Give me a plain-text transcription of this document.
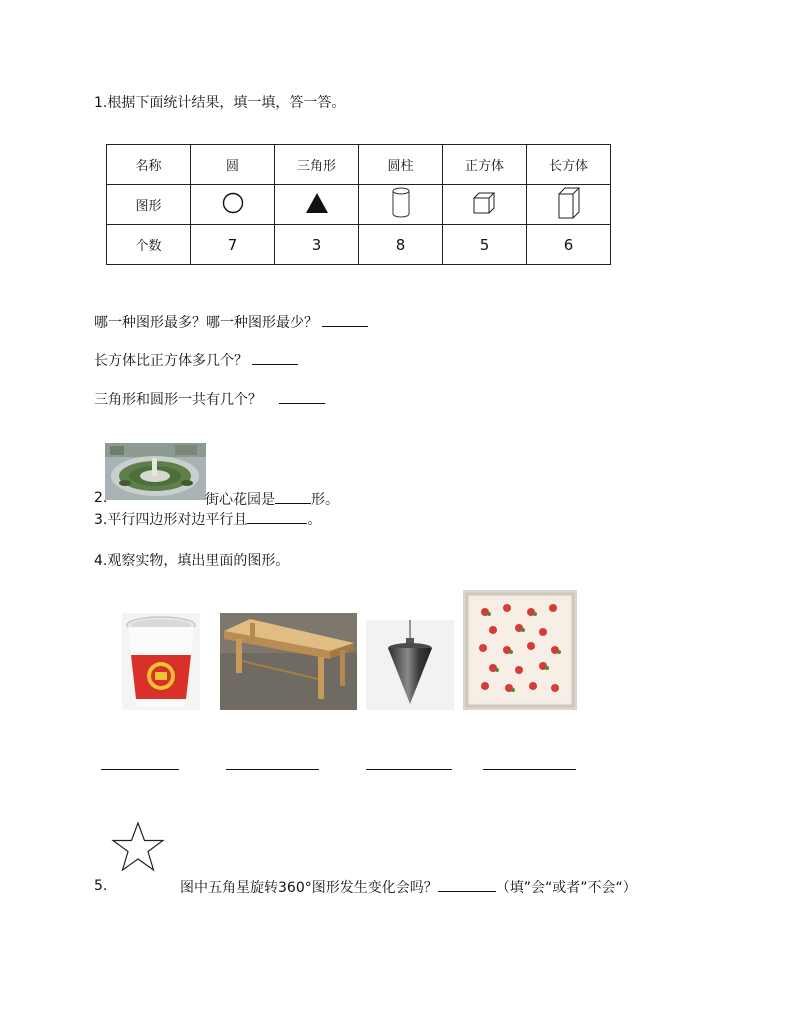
1.根据下面统计结果，填一填，答一答。
名称	圆	三角形	圆柱	正方体	长方体
图形					
个数	7	3	8	5	6
哪一种图形最多？哪一种图形最少？
长方体比正方体多几个？
三角形和圆形一共有几个？
2.	街心花园是	形。
3.平行四边形对边平行且	。
4.观察实物，填出里面的图形。
5.	图中五角星旋转360°图形发生变化会吗？	（填”会“或者”不会“）
